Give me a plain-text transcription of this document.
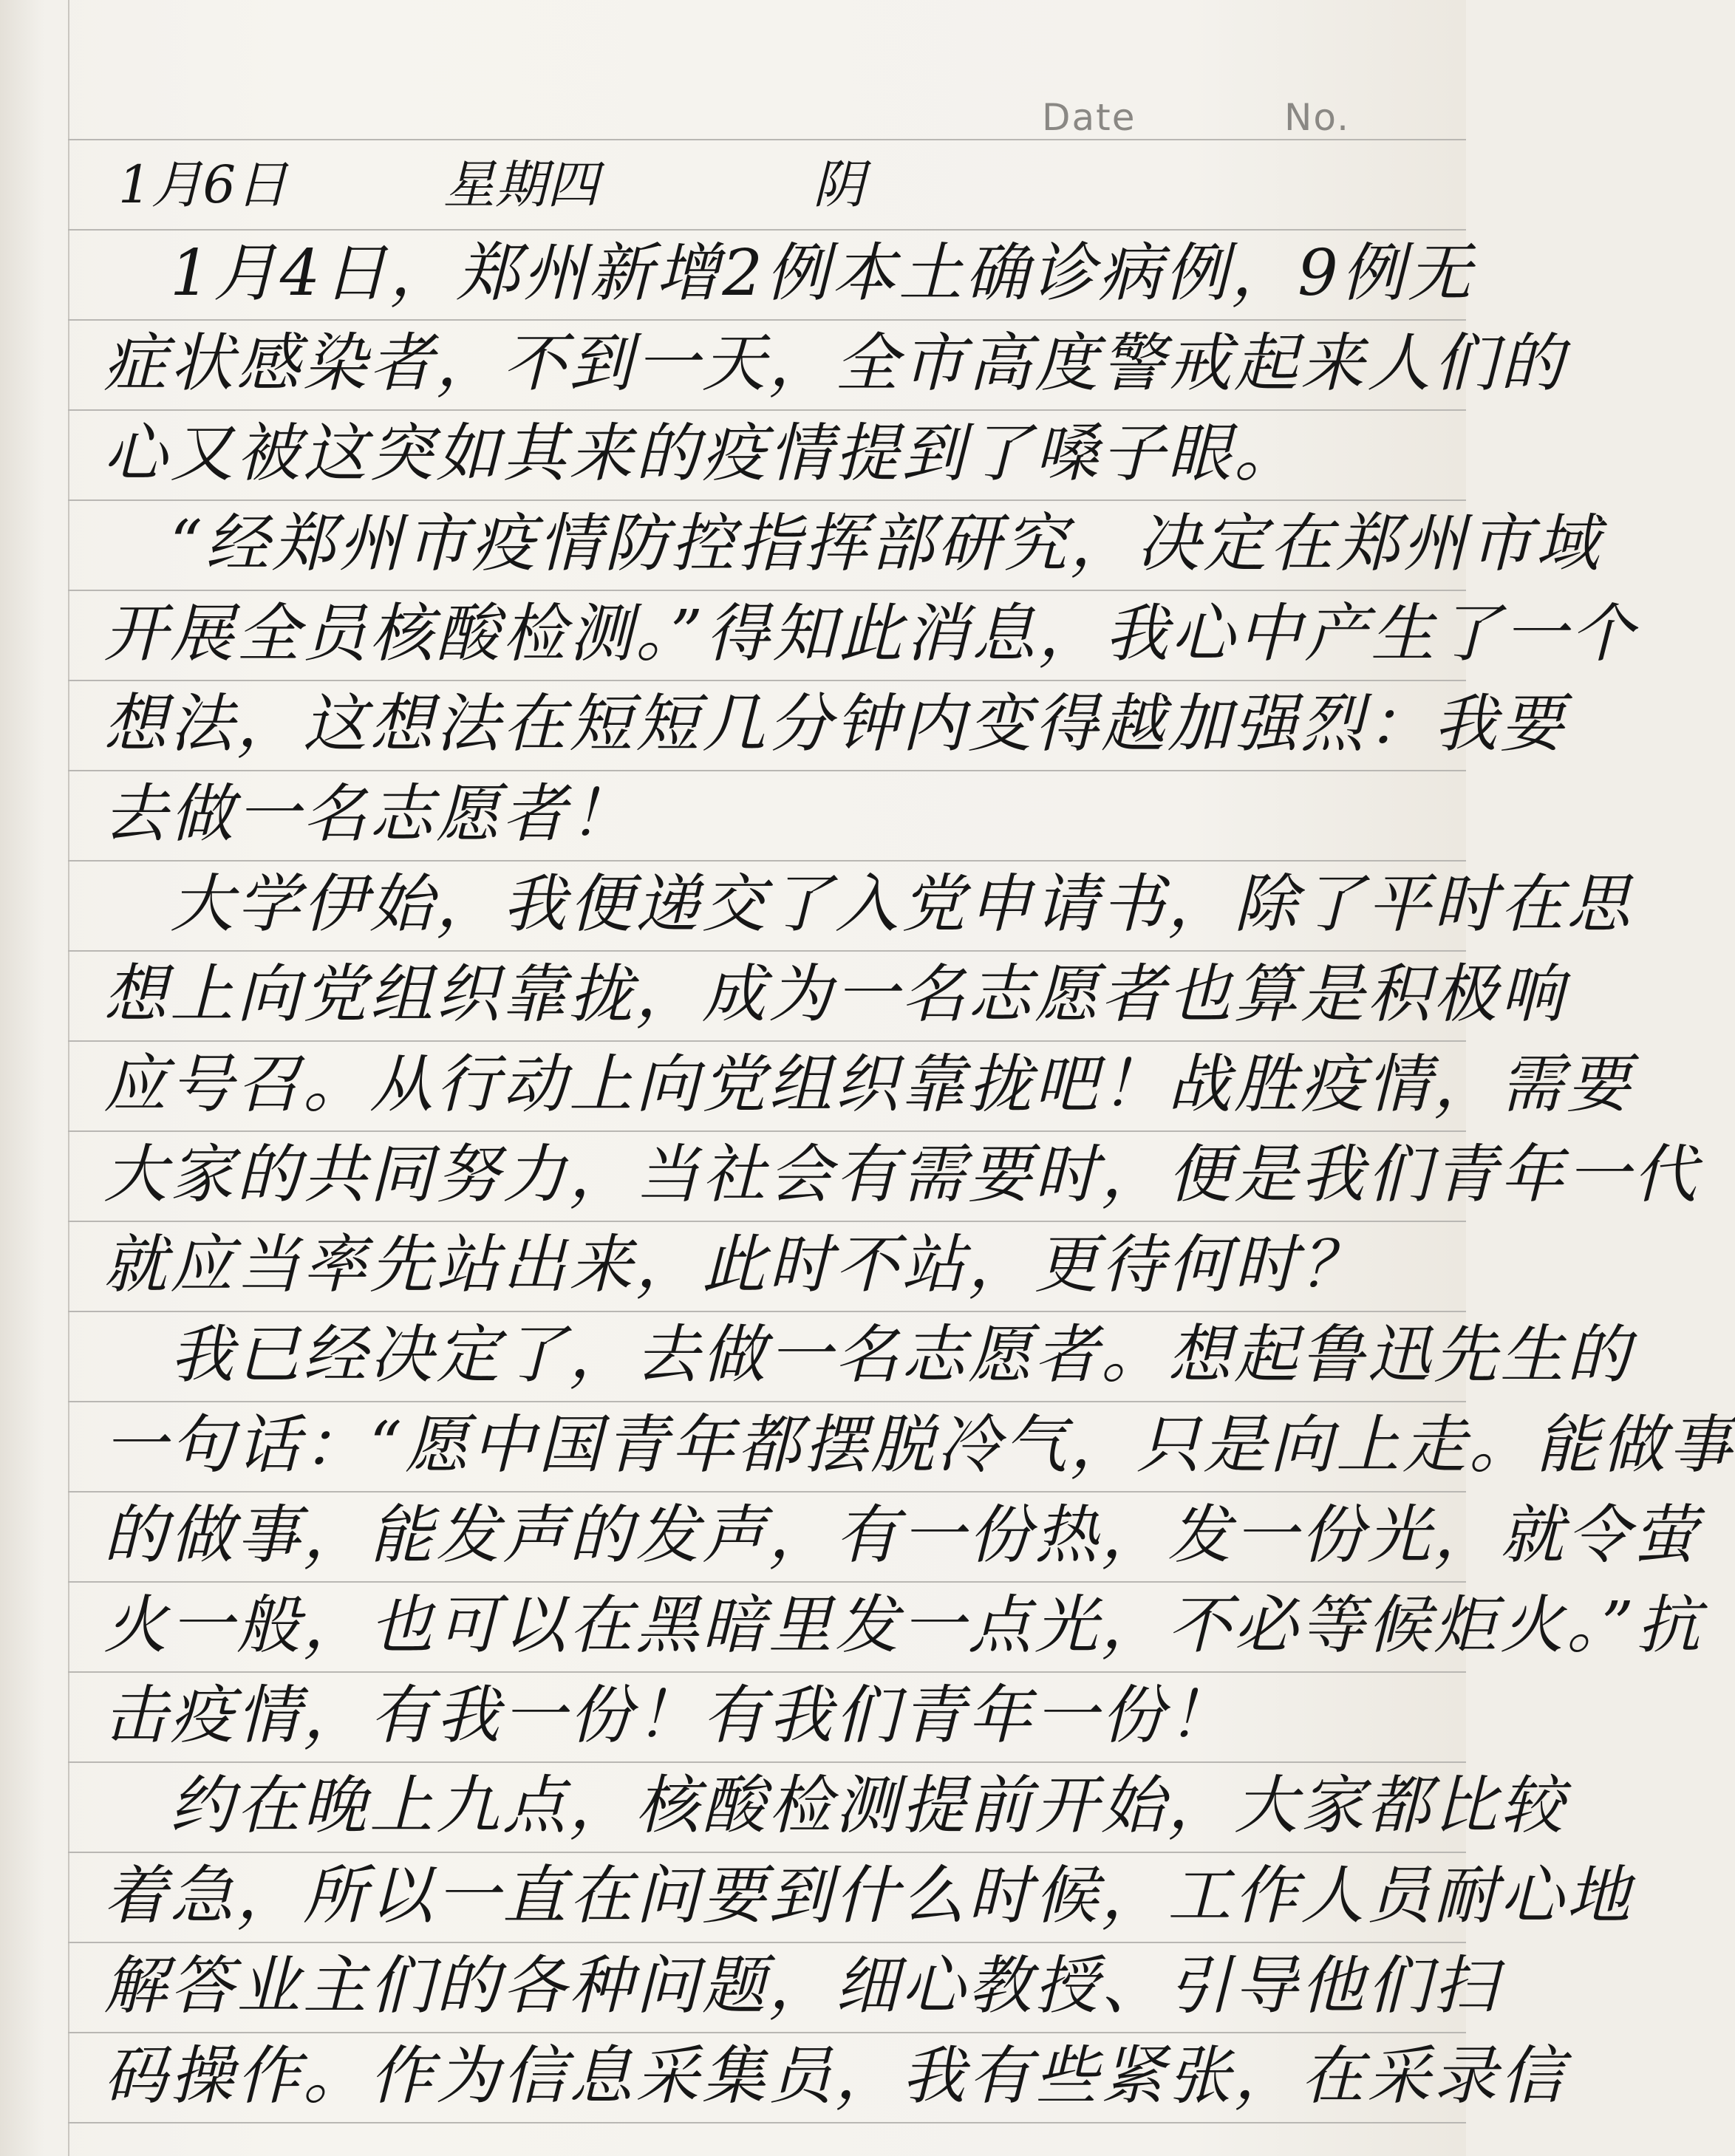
Date	No.
1月6日	星期四	阴
　1月4日，郑州新增2例本土确诊病例，9例无
症状感染者，不到一天，全市高度警戒起来人们的
心又被这突如其来的疫情提到了嗓子眼。
　“经郑州市疫情防控指挥部研究，决定在郑州市域
开展全员核酸检测。”得知此消息，我心中产生了一个
想法，这想法在短短几分钟内变得越加强烈：我要
去做一名志愿者！
　大学伊始，我便递交了入党申请书，除了平时在思
想上向党组织靠拢，成为一名志愿者也算是积极响
应号召。从行动上向党组织靠拢吧！战胜疫情，需要
大家的共同努力，当社会有需要时，便是我们青年一代
就应当率先站出来，此时不站，更待何时？
　我已经决定了，去做一名志愿者。想起鲁迅先生的
一句话：“愿中国青年都摆脱冷气，只是向上走。能做事
的做事，能发声的发声，有一份热，发一份光，就令萤
火一般，也可以在黑暗里发一点光，不必等候炬火。”抗
击疫情，有我一份！有我们青年一份！
　约在晚上九点，核酸检测提前开始，大家都比较
着急，所以一直在问要到什么时候，工作人员耐心地
解答业主们的各种问题，细心教授、引导他们扫
码操作。作为信息采集员，我有些紧张，在采录信
